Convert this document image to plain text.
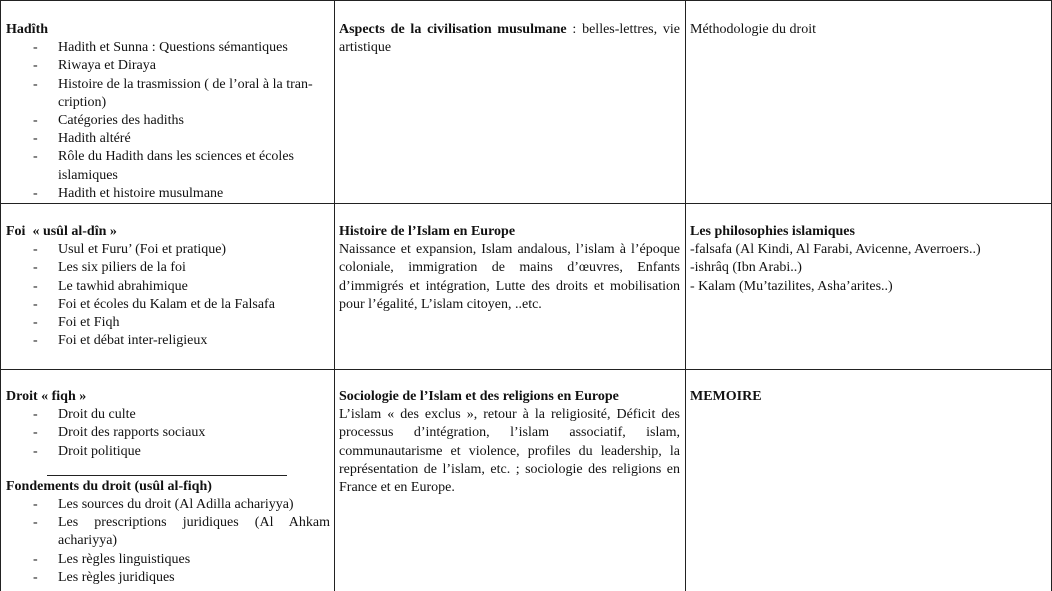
Hadîth
- Hadith et Sunna : Questions sémantiques
- Riwaya et Diraya
- Histoire de la trasmission ( de l’oral à la trancription)
- Catégories des hadiths
- Hadith altéré
- Rôle du Hadith dans les sciences et écoles islamiques
- Hadith et histoire musulmane
Aspects de la civilisation musulmane : belles-lettres, vie artistique
Méthodologie du droit
Foi  « usûl al-dîn »
- Usul et Furu’ (Foi et pratique)
- Les six piliers de la foi
- Le tawhid abrahimique
- Foi et écoles du Kalam et de la Falsafa
- Foi et Fiqh
- Foi et débat inter-religieux
Histoire de l’Islam en Europe
Naissance et expansion, Islam andalous, l’islam à l’époque coloniale, immigration de mains d’œuvres, Enfants d’immigrés et intégration, Lutte des droits et mobilisation pour l’égalité, L’islam citoyen, ..etc.
Les philosophies islamiques
-falsafa (Al Kindi, Al Farabi, Avicenne, Averroers..)
-ishrâq (Ibn Arabi..)
- Kalam (Mu’tazilites, Asha’arites..)
Droit « fiqh »
- Droit du culte
- Droit des rapports sociaux
- Droit politique
Fondements du droit (usûl al-fiqh)
- Les sources du droit (Al Adilla achariyya)
- Les prescriptions juridiques (Al Ahkam achariyya)
- Les règles linguistiques
- Les règles juridiques
Sociologie de l’Islam et des religions en Europe
L’islam « des exclus », retour à la religiosité, Déficit des processus d’intégration, l’islam associatif, islam, communautarisme et violence, profiles du leadership, la représentation de l’islam, etc. ; sociologie des religions en France et en Europe.
MEMOIRE
